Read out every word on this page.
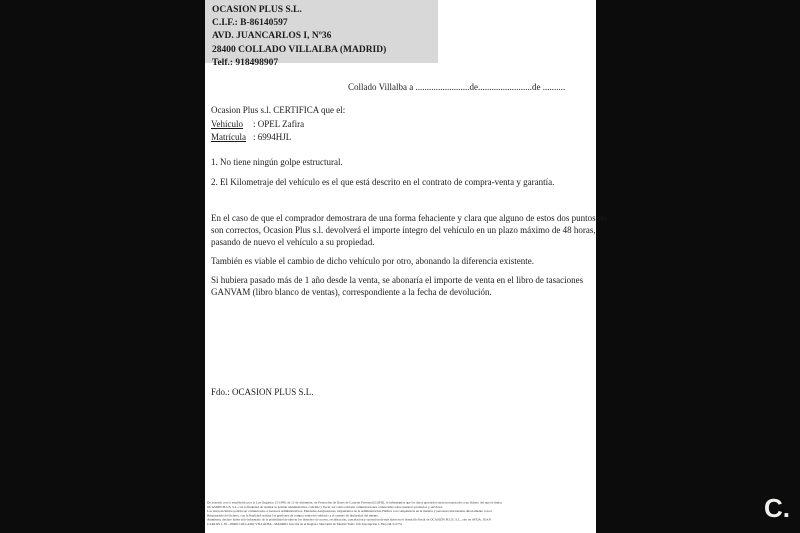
OCASION PLUS S.L.
C.I.F.: B-86140597
AVD. JUANCARLOS I, Nº36
28400 COLLADO VILLALBA (MADRID)
Telf.: 918498907
Collado Villalba a ........................de........................de ..........
Ocasion Plus s.l. CERTIFICA que el:
Vehículo : OPEL Zafira
Matrícula : 6994HJL
1. No tiene ningún golpe estructural.
2. El Kilometraje del vehículo es el que está descrito en el contrato de compra-venta y garantía.
En el caso de que el comprador demostrara de una forma fehaciente y clara que alguno de estos dos puntos no
son correctos, Ocasion Plus s.l. devolverá el importe íntegro del vehículo en un plazo máximo de 48 horas,
pasando de nuevo el vehículo a su propiedad.
También es viable el cambio de dicho vehículo por otro, abonando la diferencia existente.
Si hubiera pasado más de 1 año desde la venta, se abonaría el importe de venta en el libro de tasaciones
GANVAM (libro blanco de ventas), correspondiente a la fecha de devolución.
Fdo.: OCASION PLUS S.L.
De acuerdo con lo establecido por la Ley Orgánica 15/1999, de 13 de diciembre, de Protección de Datos de Carácter Personal (LOPD), le informamos que los datos aportados serán incorporados a un fichero del que es titular
OCASIÓN PLUS, S.L. con la finalidad de realizar la gestión administrativa, contable y fiscal, así como enviarle comunicaciones comerciales sobre nuestros productos y servicios.
Los datos incluidos podrán ser comunicados a Gestores Administrativos, Entidades Aseguradoras, Organismos de la Administración Pública con competencia en la materia y personas relacionadas directamente con el
Responsable del fichero, con la finalidad realizar las gestiones de compra venta del vehículo y el cambio de titularidad del mismo.
Asimismo, declaro haber sido informado de la posibilidad de ejercer los derechos de acceso, rectificación, cancelación y oposición de mis datos en el domicilio fiscal de OCASIÓN PLUS, S.L., sito en AVDA. JUAN
CARLOS I, 36 - 28400 COLLADO VILLALBA - MADRID. Inscrita en el Registro Mercantil de Madrid Tomo 150, Inscripción 1, Hoja M-511731
C.
